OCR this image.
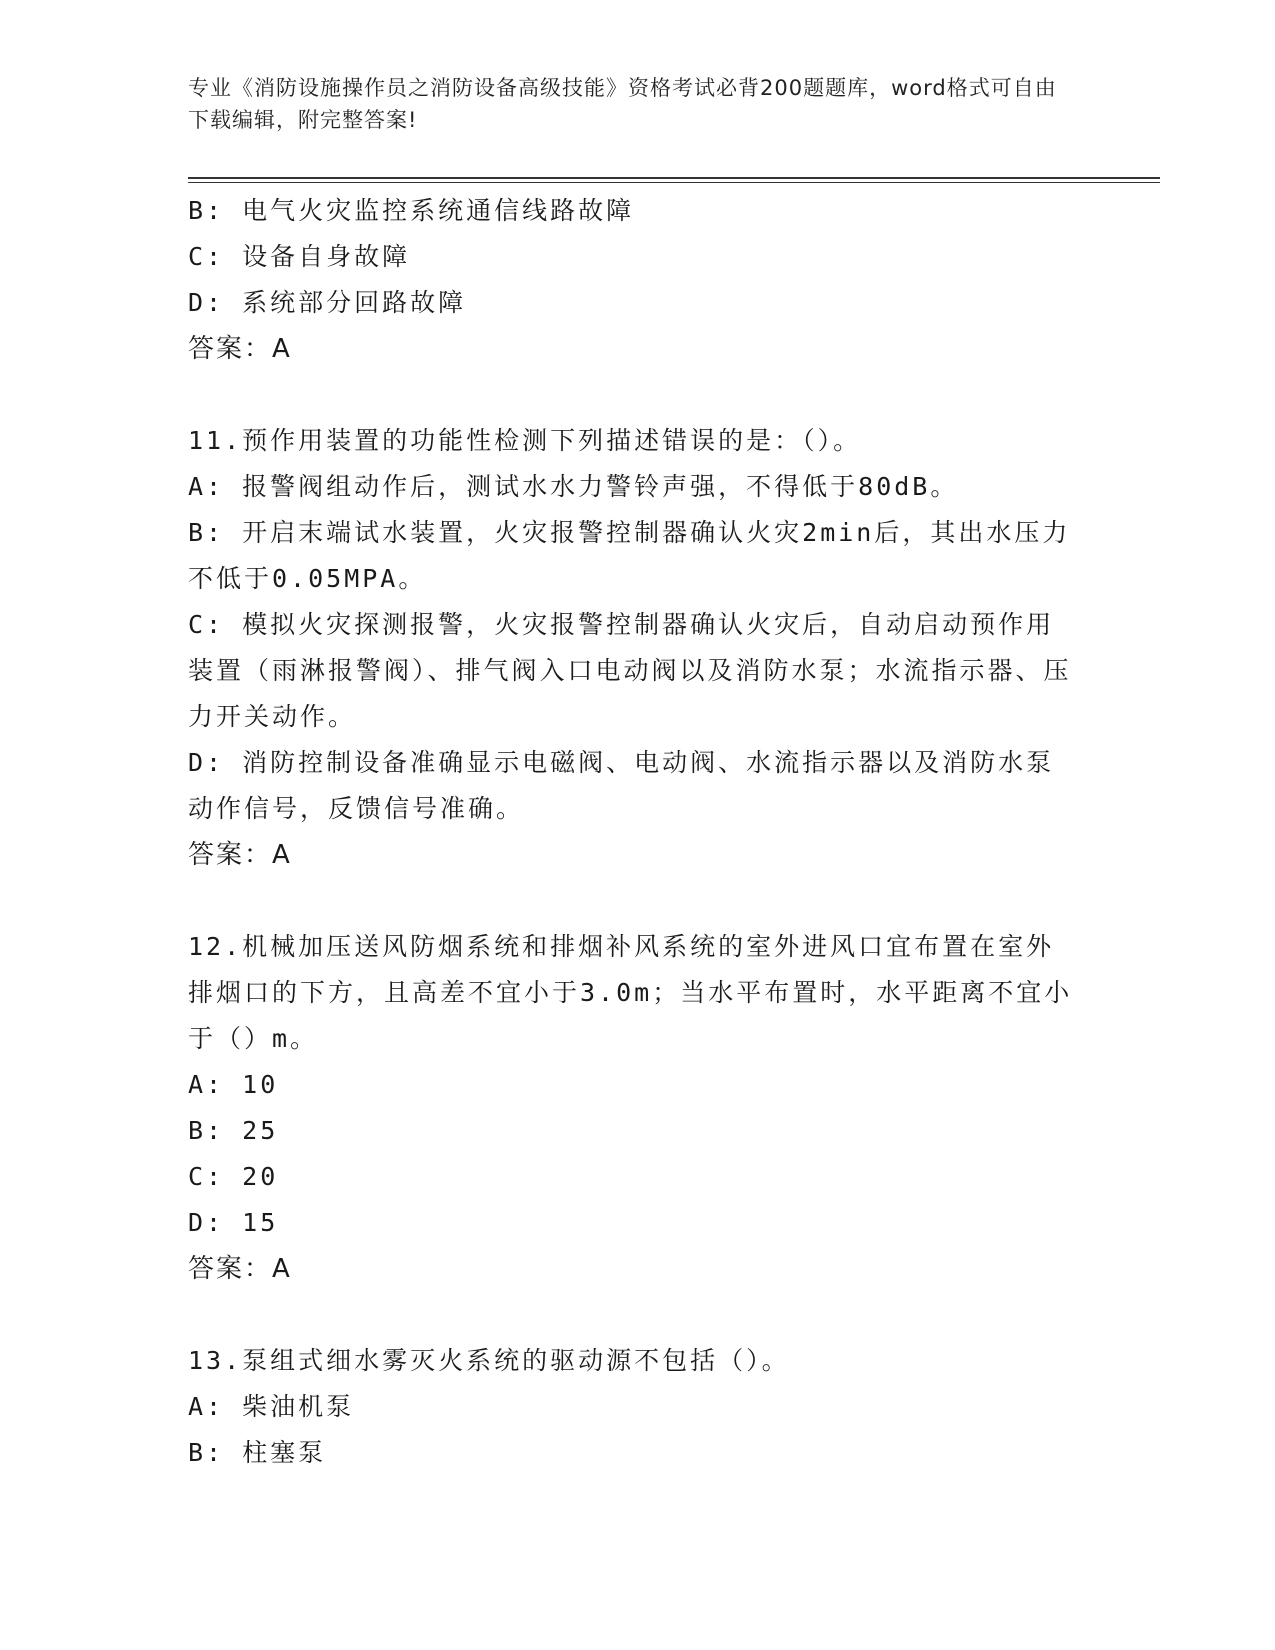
专业《消防设施操作员之消防设备高级技能》资格考试必背200题题库，word格式可自由下载编辑，附完整答案!

B: 电气火灾监控系统通信线路故障

C: 设备自身故障

D: 系统部分回路故障

答案：A

11.预作用装置的功能性检测下列描述错误的是：（）。

A: 报警阀组动作后，测试水水力警铃声强，不得低于80dB。

B: 开启末端试水装置，火灾报警控制器确认火灾2min后，其出水压力不低于0.05MPA。

C: 模拟火灾探测报警，火灾报警控制器确认火灾后，自动启动预作用装置（雨淋报警阀）、排气阀入口电动阀以及消防水泵；水流指示器、压力开关动作。

D: 消防控制设备准确显示电磁阀、电动阀、水流指示器以及消防水泵动作信号，反馈信号准确。

答案：A

12.机械加压送风防烟系统和排烟补风系统的室外进风口宜布置在室外排烟口的下方，且高差不宜小于3.0m；当水平布置时，水平距离不宜小于（）m。

A: 10

B: 25

C: 20

D: 15

答案：A

13.泵组式细水雾灭火系统的驱动源不包括（）。

A: 柴油机泵

B: 柱塞泵
